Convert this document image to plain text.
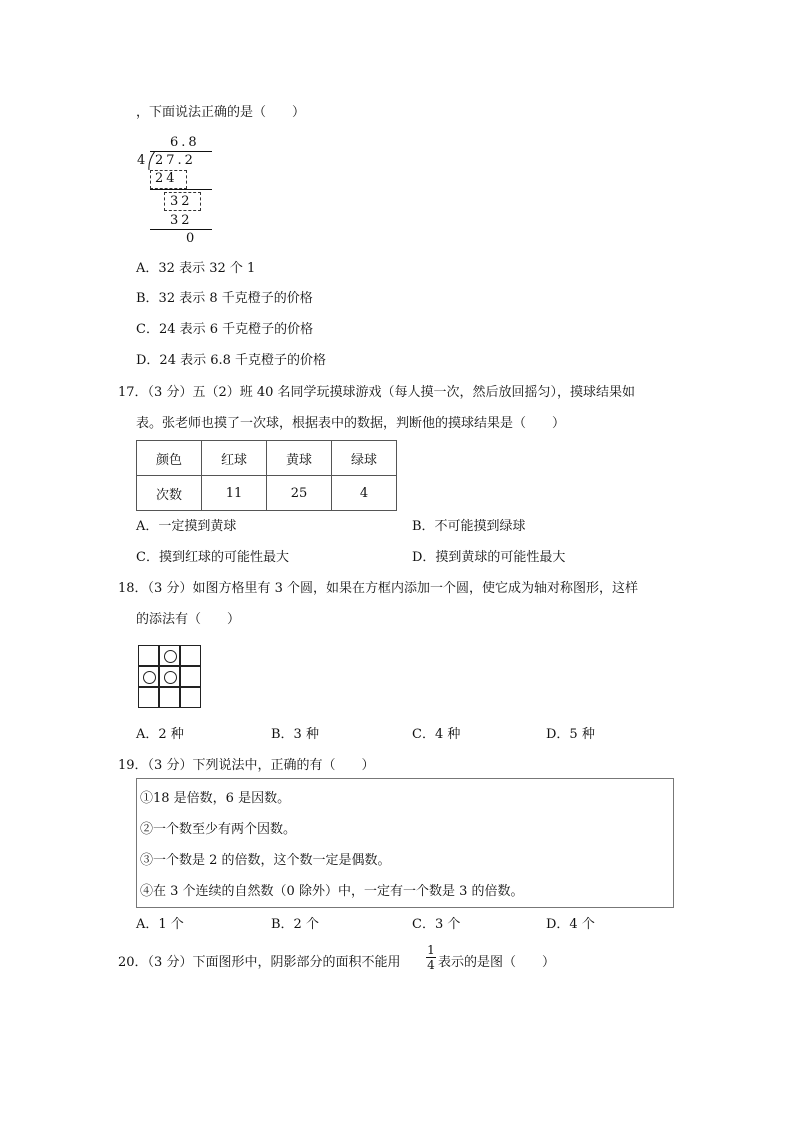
，下面说法正确的是（　　）
6.8
4 27.2
24
32
32
0
A．32 表示 32 个 1
B．32 表示 8 千克橙子的价格
C．24 表示 6 千克橙子的价格
D．24 表示 6.8 千克橙子的价格
17．（3 分）五（2）班 40 名同学玩摸球游戏（每人摸一次，然后放回摇匀），摸球结果如
表。张老师也摸了一次球，根据表中的数据，判断他的摸球结果是（　　）
颜色	红球	黄球	绿球
次数	11	25	4
A．一定摸到黄球	B．不可能摸到绿球
C．摸到红球的可能性最大	D．摸到黄球的可能性最大
18．（3 分）如图方格里有 3 个圆，如果在方框内添加一个圆，使它成为轴对称图形，这样
的添法有（　　）
A．2 种	B．3 种	C．4 种	D．5 种
19．（3 分）下列说法中，正确的有（　　）
①18 是倍数，6 是因数。
②一个数至少有两个因数。
③一个数是 2 的倍数，这个数一定是偶数。
④在 3 个连续的自然数（0 除外）中，一定有一个数是 3 的倍数。
A．1 个	B．2 个	C．3 个	D．4 个
20．（3 分）下面图形中，阴影部分的面积不能用
1
4 表示的是图（　　）
